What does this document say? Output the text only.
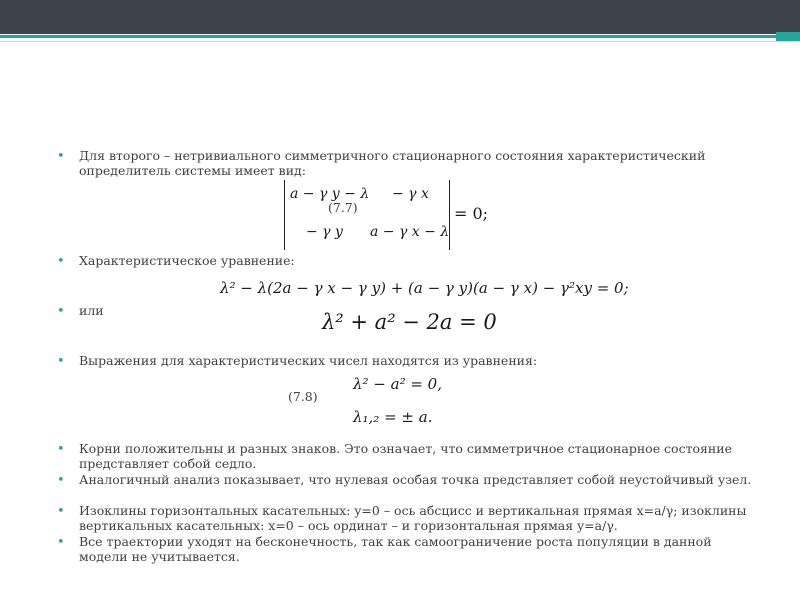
• Для второго – нетривиального симметричного стационарного состояния характеристический определитель системы имеет вид:
a − γ y − λ − γ x
− γ y a − γ x − λ
= 0;
(7.7)
• Характеристическое уравнение:
λ² − λ(2a − γ x − γ y) + (a − γ y)(a − γ x) − γ²xy = 0;
• или	λ² + a² − 2a = 0
• Выражения для характеристических чисел находятся из уравнения:
λ² − a² = 0,
(7.8)
λ₁,₂ = ± a.
• Корни положительны и разных знаков. Это означает, что симметричное стационарное состояние представляет собой седло.
• Аналогичный анализ показывает, что нулевая особая точка представляет собой неустойчивый узел.
• Изоклины горизонтальных касательных: y=0 – ось абсцисс и вертикальная прямая x=a/γ; изоклины вертикальных касательных: x=0 – ось ординат – и горизонтальная прямая y=a/γ.
• Все траектории уходят на бесконечность, так как самоограничение роста популяции в данной модели не учитывается.
